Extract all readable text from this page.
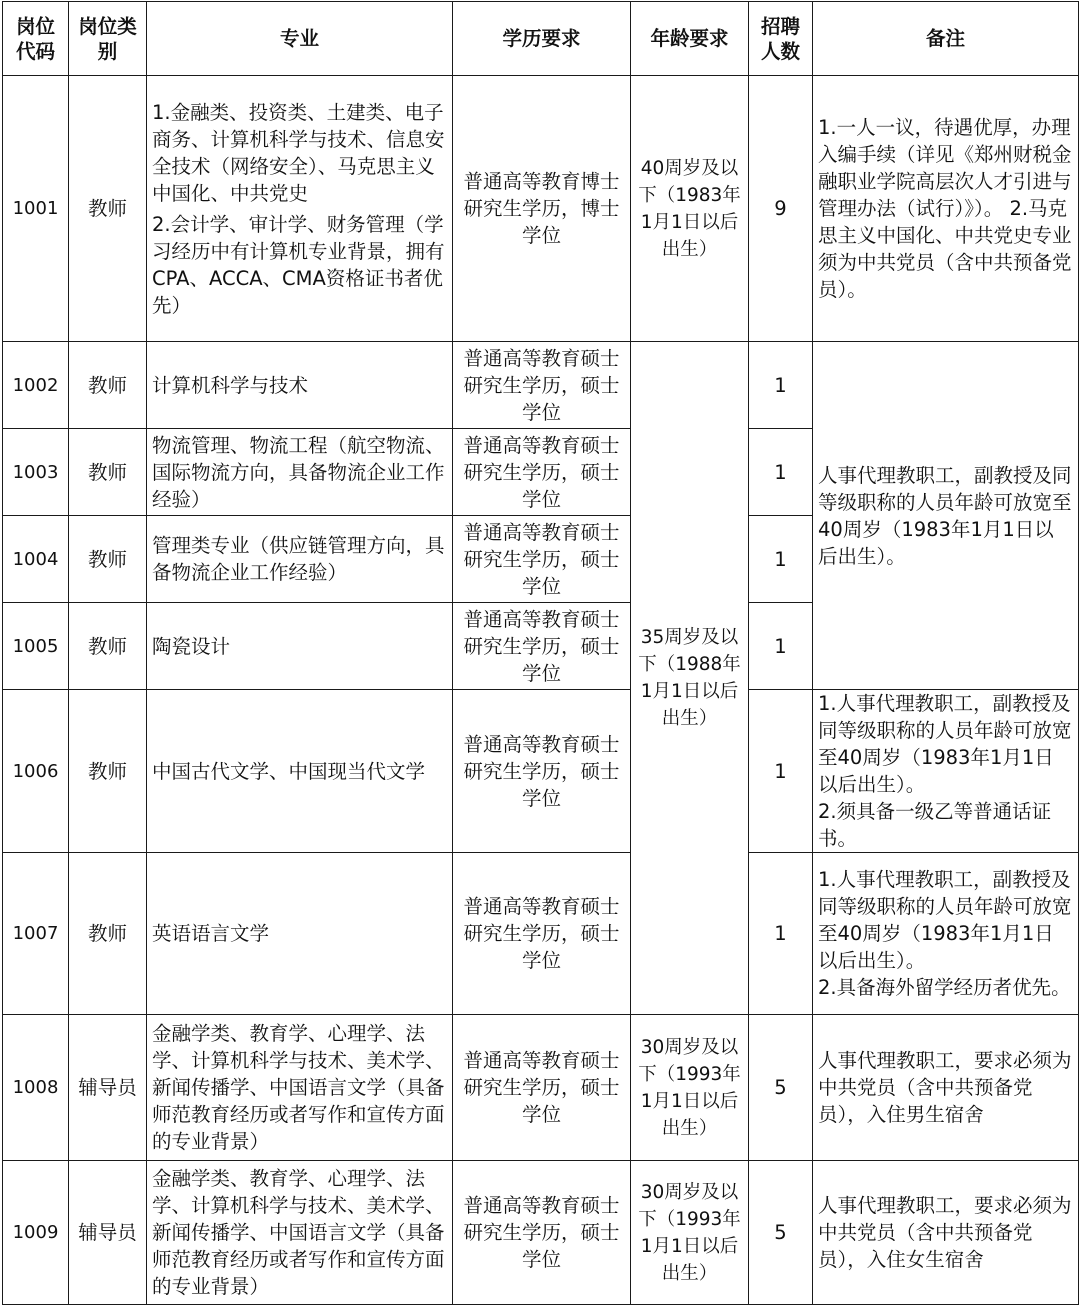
岗位代码	岗位类别	专业	学历要求	年龄要求	招聘人数	备注
1001	教师	1.金融类、投资类、土建类、电子商务、计算机科学与技术、信息安全技术（网络安全）、马克思主义中国化、中共党史

2.会计学、审计学、财务管理（学习经历中有计算机专业背景，拥有CPA、ACCA、CMA资格证书者优先）	普通高等教育博士研究生学历，博士学位	40周岁及以下（1983年1月1日以后出生）	9	1.一人一议，待遇优厚，办理入编手续（详见《郑州财税金融职业学院高层次人才引进与管理办法（试行）》）。 2.马克思主义中国化、中共党史专业须为中共党员（含中共预备党员）。
1002	教师	计算机科学与技术	普通高等教育硕士研究生学历，硕士学位	35周岁及以下（1988年1月1日以后出生）	1	人事代理教职工，副教授及同等级职称的人员年龄可放宽至40周岁（1983年1月1日以后出生）。
1003	教师	物流管理、物流工程（航空物流、国际物流方向，具备物流企业工作经验）	普通高等教育硕士研究生学历，硕士学位		1	
1004	教师	管理类专业（供应链管理方向，具备物流企业工作经验）	普通高等教育硕士研究生学历，硕士学位		1	
1005	教师	陶瓷设计	普通高等教育硕士研究生学历，硕士学位		1	
1006	教师	中国古代文学、中国现当代文学	普通高等教育硕士研究生学历，硕士学位		1	1.人事代理教职工，副教授及同等级职称的人员年龄可放宽至40周岁（1983年1月1日以后出生）。

2.须具备一级乙等普通话证书。

1007	教师	英语语言文学	普通高等教育硕士研究生学历，硕士学位		1	1.人事代理教职工，副教授及同等级职称的人员年龄可放宽至40周岁（1983年1月1日以后出生）。

2.具备海外留学经历者优先。

1008	辅导员	金融学类、教育学、心理学、法学、计算机科学与技术、美术学、新闻传播学、中国语言文学（具备师范教育经历或者写作和宣传方面的专业背景）	普通高等教育硕士研究生学历，硕士学位	30周岁及以下（1993年1月1日以后出生）	5	人事代理教职工，要求必须为中共党员（含中共预备党员），入住男生宿舍
1009	辅导员	金融学类、教育学、心理学、法学、计算机科学与技术、美术学、新闻传播学、中国语言文学（具备师范教育经历或者写作和宣传方面的专业背景）	普通高等教育硕士研究生学历，硕士学位	30周岁及以下（1993年1月1日以后出生）	5	人事代理教职工，要求必须为中共党员（含中共预备党员），入住女生宿舍
